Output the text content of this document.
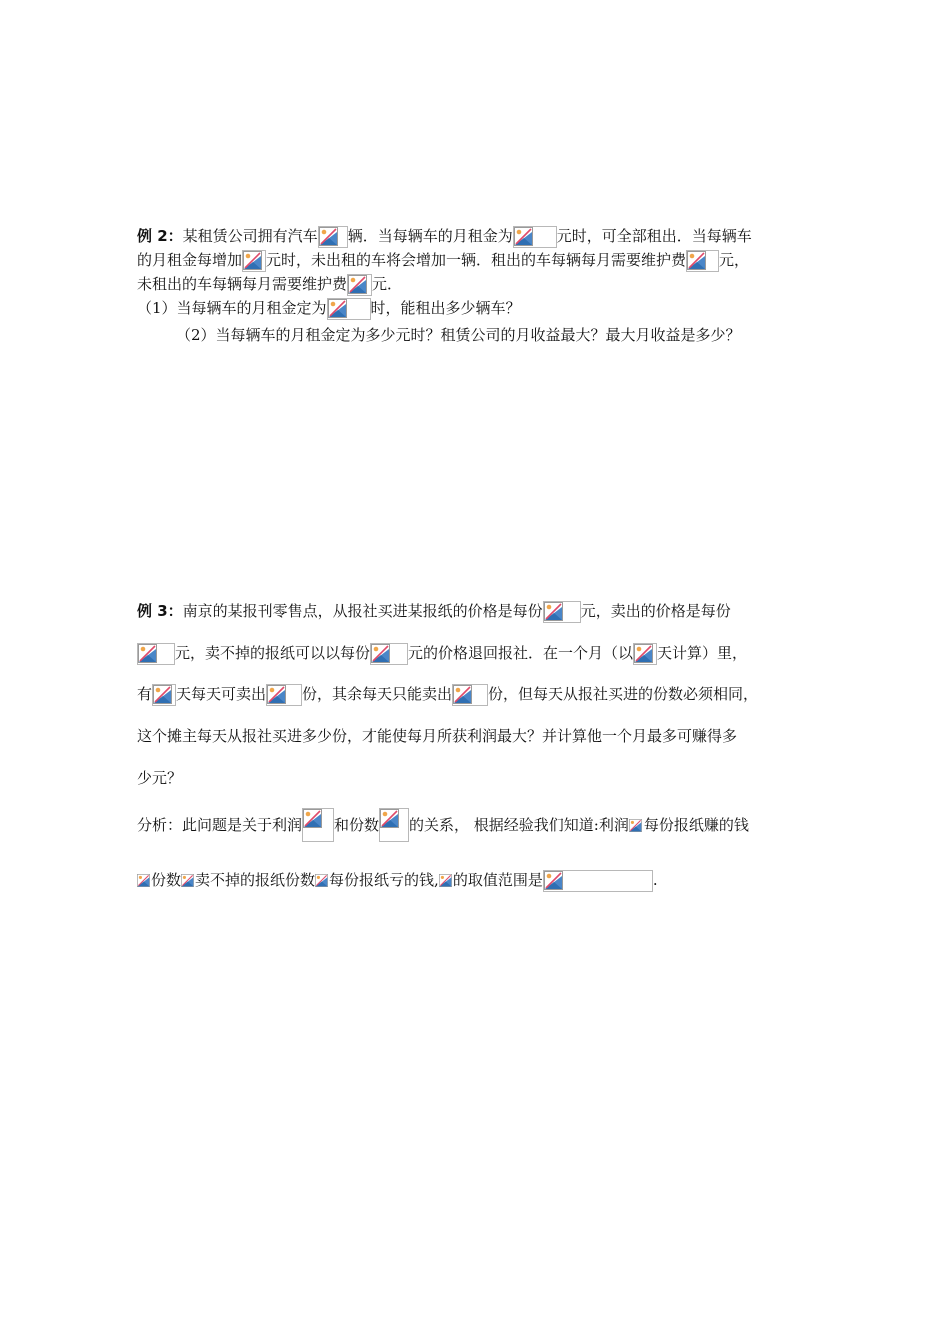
例 2：某租赁公司拥有汽车 辆．当每辆车的月租金为	元时，可全部租出．当每辆车
的月租金每增加 元时，未出租的车将会增加一辆．租出的车每辆每月需要维护费 元，
未租出的车每辆每月需要维护费 元．
（1）当每辆车的月租金定为	时，能租出多少辆车？
（2）当每辆车的月租金定为多少元时？租赁公司的月收益最大？最大月收益是多少？
例 3：南京的某报刊零售点，从报社买进某报纸的价格是每份	元，卖出的价格是每份
元，卖不掉的报纸可以以每份	元的价格退回报社．在一个月（以 天计算）里，
有 天每天可卖出 份，其余每天只能卖出 份，但每天从报社买进的份数必须相同，
这个摊主每天从报社买进多少份，才能使每月所获利润最大？并计算他一个月最多可赚得多
少元？
分析：此问题是关于利润 和份数 的关系， 根据经验我们知道:利润 每份报纸赚的钱
份数 卖不掉的报纸份数 每份报纸亏的钱, 的取值范围是	.
